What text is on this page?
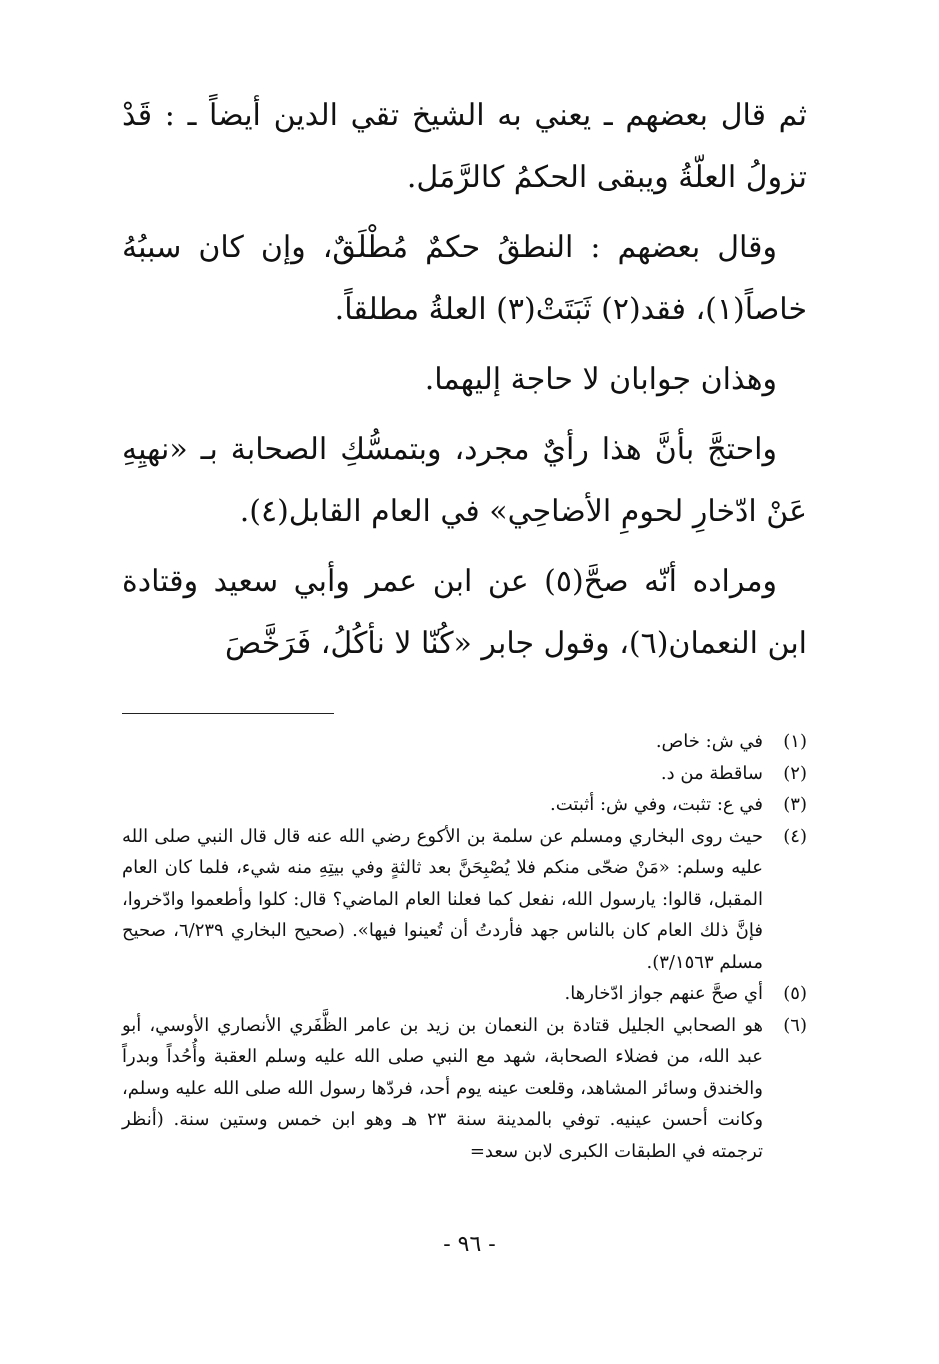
ثم قال بعضهم ـ يعني به الشيخ تقي الدين أيضاً ـ : قَدْ تزولُ العلّةُ ويبقى الحكمُ كالرَّمَل.

وقال بعضهم : النطقُ حكمٌ مُطْلَقٌ، وإن كان سببُهُ خاصاً(١)، فقد(٢) ثَبَتَتْ(٣) العلةُ مطلقاً.

وهذان جوابان لا حاجة إليهما.

واحتجَّ بأنَّ هذا رأيٌ مجرد، وبتمسُّكِ الصحابة بـ «نهيِهِ عَنْ ادّخارِ لحومِ الأضاحِي» في العام القابل(٤).

ومراده أنّه صحَّ(٥) عن ابن عمر وأبي سعيد وقتادة ابن النعمان(٦)، وقول جابر «كُنّا لا نأكُلُ، فَرَخَّصَ

(١)
في ش: خاص.
(٢)
ساقطة من د.
(٣)
في ع: تثبت، وفي ش: أثبتت.
(٤)
حيث روى البخاري ومسلم عن سلمة بن الأكوع رضي الله عنه قال قال النبي صلى الله عليه وسلم: «مَنْ ضحّى منكم فلا يُصْبِحَنَّ بعد ثالثةٍ وفي بيتِهِ منه شيء، فلما كان العام المقبل، قالوا: يارسول الله، نفعل كما فعلنا العام الماضي؟ قال: كلوا وأطعموا وادّخروا، فإنَّ ذلك العام كان بالناس جهد فأردتُ أن تُعينوا فيها». (صحيح البخاري ٦/٢٣٩، صحيح مسلم ٣/١٥٦٣).
(٥)
أي صحَّ عنهم جواز ادّخارها.
(٦)
هو الصحابي الجليل قتادة بن النعمان بن زيد بن عامر الظَّفَري الأنصاري الأوسي، أبو عبد الله، من فضلاء الصحابة، شهد مع النبي صلى الله عليه وسلم العقبة وأُحُداً وبدراً والخندق وسائر المشاهد، وقلعت عينه يوم أحد، فردّها رسول الله صلى الله عليه وسلم، وكانت أحسن عينيه. توفي بالمدينة سنة ٢٣ هـ وهو ابن خمس وستين سنة. (أنظر ترجمته في الطبقات الكبرى لابن سعد=
- ٩٦ -
